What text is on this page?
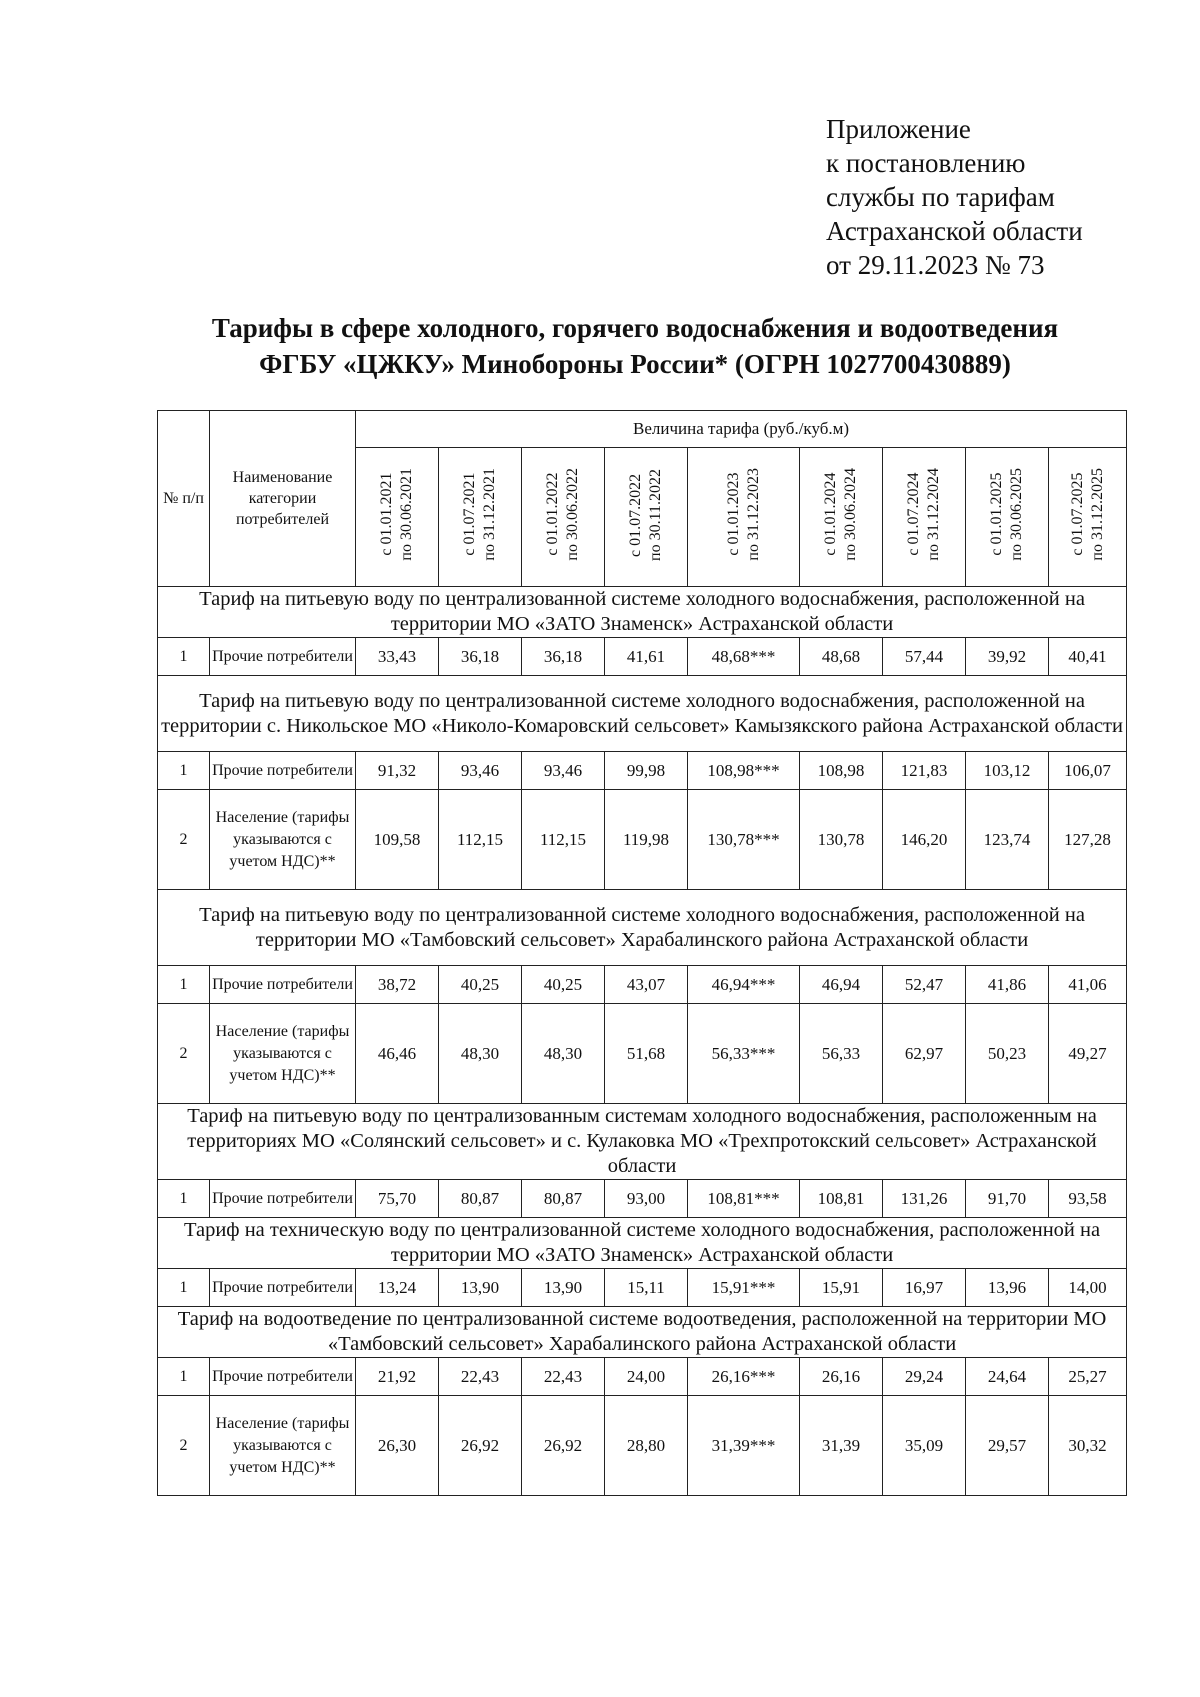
Приложение
к постановлению
службы по тарифам
Астраханской области
от 29.11.2023 № 73
Тарифы в сфере холодного, горячего водоснабжения и водоотведения
ФГБУ «ЦЖКУ» Минобороны России* (ОГРН 1027700430889)
№ п/п	Наименование категории потребителей	Величина тарифа (руб./куб.м)								
		с 01.01.2021 по 30.06.2021	с 01.07.2021 по 31.12.2021	с 01.01.2022 по 30.06.2022	с 01.07.2022 по 30.11.2022	с 01.01.2023 по 31.12.2023	с 01.01.2024 по 30.06.2024	с 01.07.2024 по 31.12.2024	с 01.01.2025 по 30.06.2025	с 01.07.2025 по 31.12.2025
Тариф на питьевую воду по централизованной системе холодного водоснабжения, расположенной на территории МО «ЗАТО Знаменск» Астраханской области										
1	Прочие потребители	33,43	36,18	36,18	41,61	48,68***	48,68	57,44	39,92	40,41
Тариф на питьевую воду по централизованной системе холодного водоснабжения, расположенной на территории с. Никольское МО «Николо-Комаровский сельсовет» Камызякского района Астраханской области										
1	Прочие потребители	91,32	93,46	93,46	99,98	108,98***	108,98	121,83	103,12	106,07
2	Население (тарифы указываются с учетом НДС)**	109,58	112,15	112,15	119,98	130,78***	130,78	146,20	123,74	127,28
Тариф на питьевую воду по централизованной системе холодного водоснабжения, расположенной на территории МО «Тамбовский сельсовет» Харабалинского района Астраханской области										
1	Прочие потребители	38,72	40,25	40,25	43,07	46,94***	46,94	52,47	41,86	41,06
2	Население (тарифы указываются с учетом НДС)**	46,46	48,30	48,30	51,68	56,33***	56,33	62,97	50,23	49,27
Тариф на питьевую воду по централизованным системам холодного водоснабжения, расположенным на территориях МО «Солянский сельсовет» и с. Кулаковка МО «Трехпротокский сельсовет» Астраханской области										
1	Прочие потребители	75,70	80,87	80,87	93,00	108,81***	108,81	131,26	91,70	93,58
Тариф на техническую воду по централизованной системе холодного водоснабжения, расположенной на территории МО «ЗАТО Знаменск» Астраханской области										
1	Прочие потребители	13,24	13,90	13,90	15,11	15,91***	15,91	16,97	13,96	14,00
Тариф на водоотведение по централизованной системе водоотведения, расположенной на территории МО «Тамбовский сельсовет» Харабалинского района Астраханской области										
1	Прочие потребители	21,92	22,43	22,43	24,00	26,16***	26,16	29,24	24,64	25,27
2	Население (тарифы указываются с учетом НДС)**	26,30	26,92	26,92	28,80	31,39***	31,39	35,09	29,57	30,32
